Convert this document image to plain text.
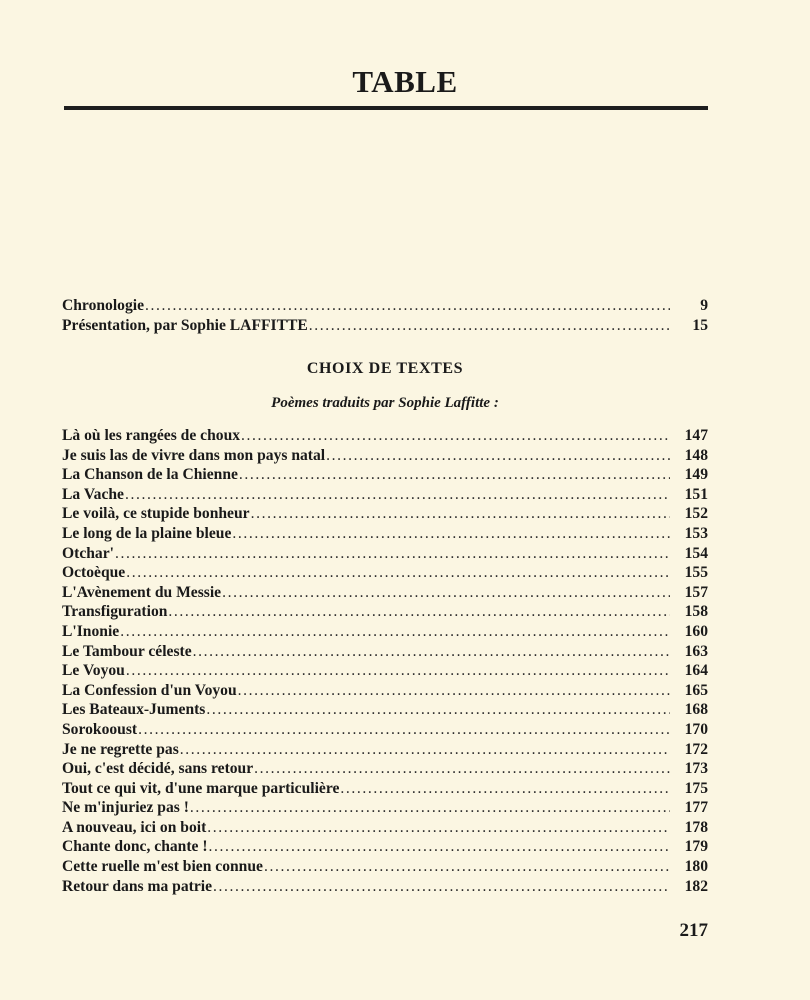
TABLE
Chronologie .....	9
Présentation, par Sophie LAFFITTE .....	15
CHOIX DE TEXTES
Poèmes traduits par Sophie Laffitte :
Là où les rangées de choux .....	147
Je suis las de vivre dans mon pays natal .....	148
La Chanson de la Chienne .....	149
La Vache .....	151
Le voilà, ce stupide bonheur .....	152
Le long de la plaine bleue .....	153
Otchar' .....	154
Octoèque .....	155
L'Avènement du Messie .....	157
Transfiguration .....	158
L'Inonie .....	160
Le Tambour céleste .....	163
Le Voyou .....	164
La Confession d'un Voyou .....	165
Les Bateaux-Juments .....	168
Sorokooust .....	170
Je ne regrette pas .....	172
Oui, c'est décidé, sans retour .....	173
Tout ce qui vit, d'une marque particulière .....	175
Ne m'injuriez pas ! .....	177
A nouveau, ici on boit .....	178
Chante donc, chante ! .....	179
Cette ruelle m'est bien connue .....	180
Retour dans ma patrie .....	182
217
